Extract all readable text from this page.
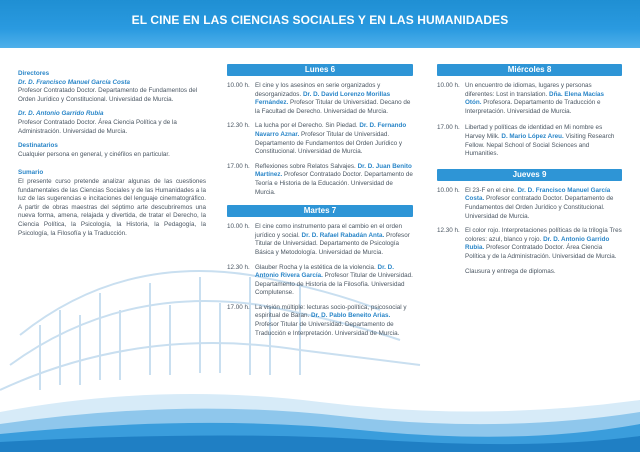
EL CINE EN LAS CIENCIAS SOCIALES Y EN LAS HUMANIDADES
Directores
Dr. D. Francisco Manuel García Costa
Profesor Contratado Doctor. Departamento de Fundamentos del Orden Jurídico y Constitucional. Universidad de Murcia.
Dr. D. Antonio Garrido Rubia
Profesor Contratado Doctor. Área Ciencia Política y de la Administración. Universidad de Murcia.
Destinatarios
Cualquier persona en general, y cinéfilos en particular.
Sumario
El presente curso pretende analizar algunas de las cuestiones fundamentales de las Ciencias Sociales y de las Humanidades a la luz de las sugerencias e incitaciones del lenguaje cinematográfico. A partir de obras maestras del séptimo arte descubriremos una nueva forma, amena, relajada y divertida, de tratar el Derecho, la Ciencia Política, la Psicología, la Historia, la Pedagogía, la Psicología, la Filosofía y la Traducción.
Lunes 6
10.00 h. El cine y los asesinos en serie organizados y desorganizados. Dr. D. David Lorenzo Morillas Fernández. Profesor Titular de Universidad. Decano de la Facultad de Derecho. Universidad de Murcia.
12.30 h. La lucha por el Derecho. Sin Piedad. Dr. D. Fernando Navarro Aznar. Profesor Titular de Universidad. Departamento de Fundamentos del Orden Jurídico y Constitucional. Universidad de Murcia.
17.00 h. Reflexiones sobre Relatos Salvajes. Dr. D. Juan Benito Martínez. Profesor Contratado Doctor. Departamento de Teoría e Historia de la Educación. Universidad de Murcia.
Martes 7
10.00 h. El cine como instrumento para el cambio en el orden jurídico y social. Dr. D. Rafael Rabadán Anta. Profesor Titular de Universidad. Departamento de Psicología Básica y Metodología. Universidad de Murcia.
12.30 h. Glauber Rocha y la estética de la violencia. Dr. D. Antonio Rivera García. Profesor Titular de Universidad. Departamento de Historia de la Filosofía. Universidad Complutense.
17.00 h. La visión múltiple: lecturas socio-política, psicosocial y espiritual de Baran. Dr. D. Pablo Beneito Arias. Profesor Titular de Universidad. Departamento de Traducción e Interpretación. Universidad de Murcia.
Miércoles 8
10.00 h. Un encuentro de idiomas, lugares y personas diferentes: Lost in translation. Dña. Elena Macías Otón. Profesora. Departamento de Traducción e Interpretación. Universidad de Murcia.
17.00 h. Libertad y políticas de identidad en Mi nombre es Harvey Milk. D. Mario López Areu. Visiting Research Fellow. Nepal School of Social Sciences and Humanities.
Jueves 9
10.00 h. El 23-F en el cine. Dr. D. Francisco Manuel García Costa. Profesor contratado Doctor. Departamento de Fundamentos del Orden Jurídico y Constitucional. Universidad de Murcia.
12.30 h. El color rojo. Interpretaciones políticas de la trilogía Tres colores: azul, blanco y rojo. Dr. D. Antonio Garrido Rubia. Profesor Contratado Doctor. Área Ciencia Política y de la Administración. Universidad de Murcia.
Clausura y entrega de diplomas.
